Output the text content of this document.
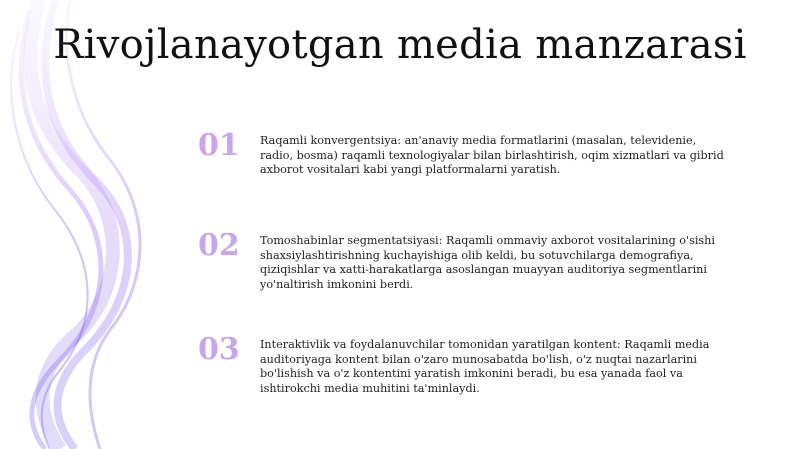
Rivojlanayotgan media manzarasi
01	Raqamli konvergentsiya: an'anaviy media formatlarini (masalan, televidenie, radio, bosma) raqamli texnologiyalar bilan birlashtirish, oqim xizmatlari va gibrid axborot vositalari kabi yangi platformalarni yaratish.
02	Tomoshabinlar segmentatsiyasi: Raqamli ommaviy axborot vositalarining o'sishi shaxsiylashtirishning kuchayishiga olib keldi, bu sotuvchilarga demografiya, qiziqishlar va xatti-harakatlarga asoslangan muayyan auditoriya segmentlarini yo'naltirish imkonini berdi.
03	Interaktivlik va foydalanuvchilar tomonidan yaratilgan kontent: Raqamli media auditoriyaga kontent bilan o'zaro munosabatda bo'lish, o'z nuqtai nazarlarini bo'lishish va o'z kontentini yaratish imkonini beradi, bu esa yanada faol va ishtirokchi media muhitini ta'minlaydi.
